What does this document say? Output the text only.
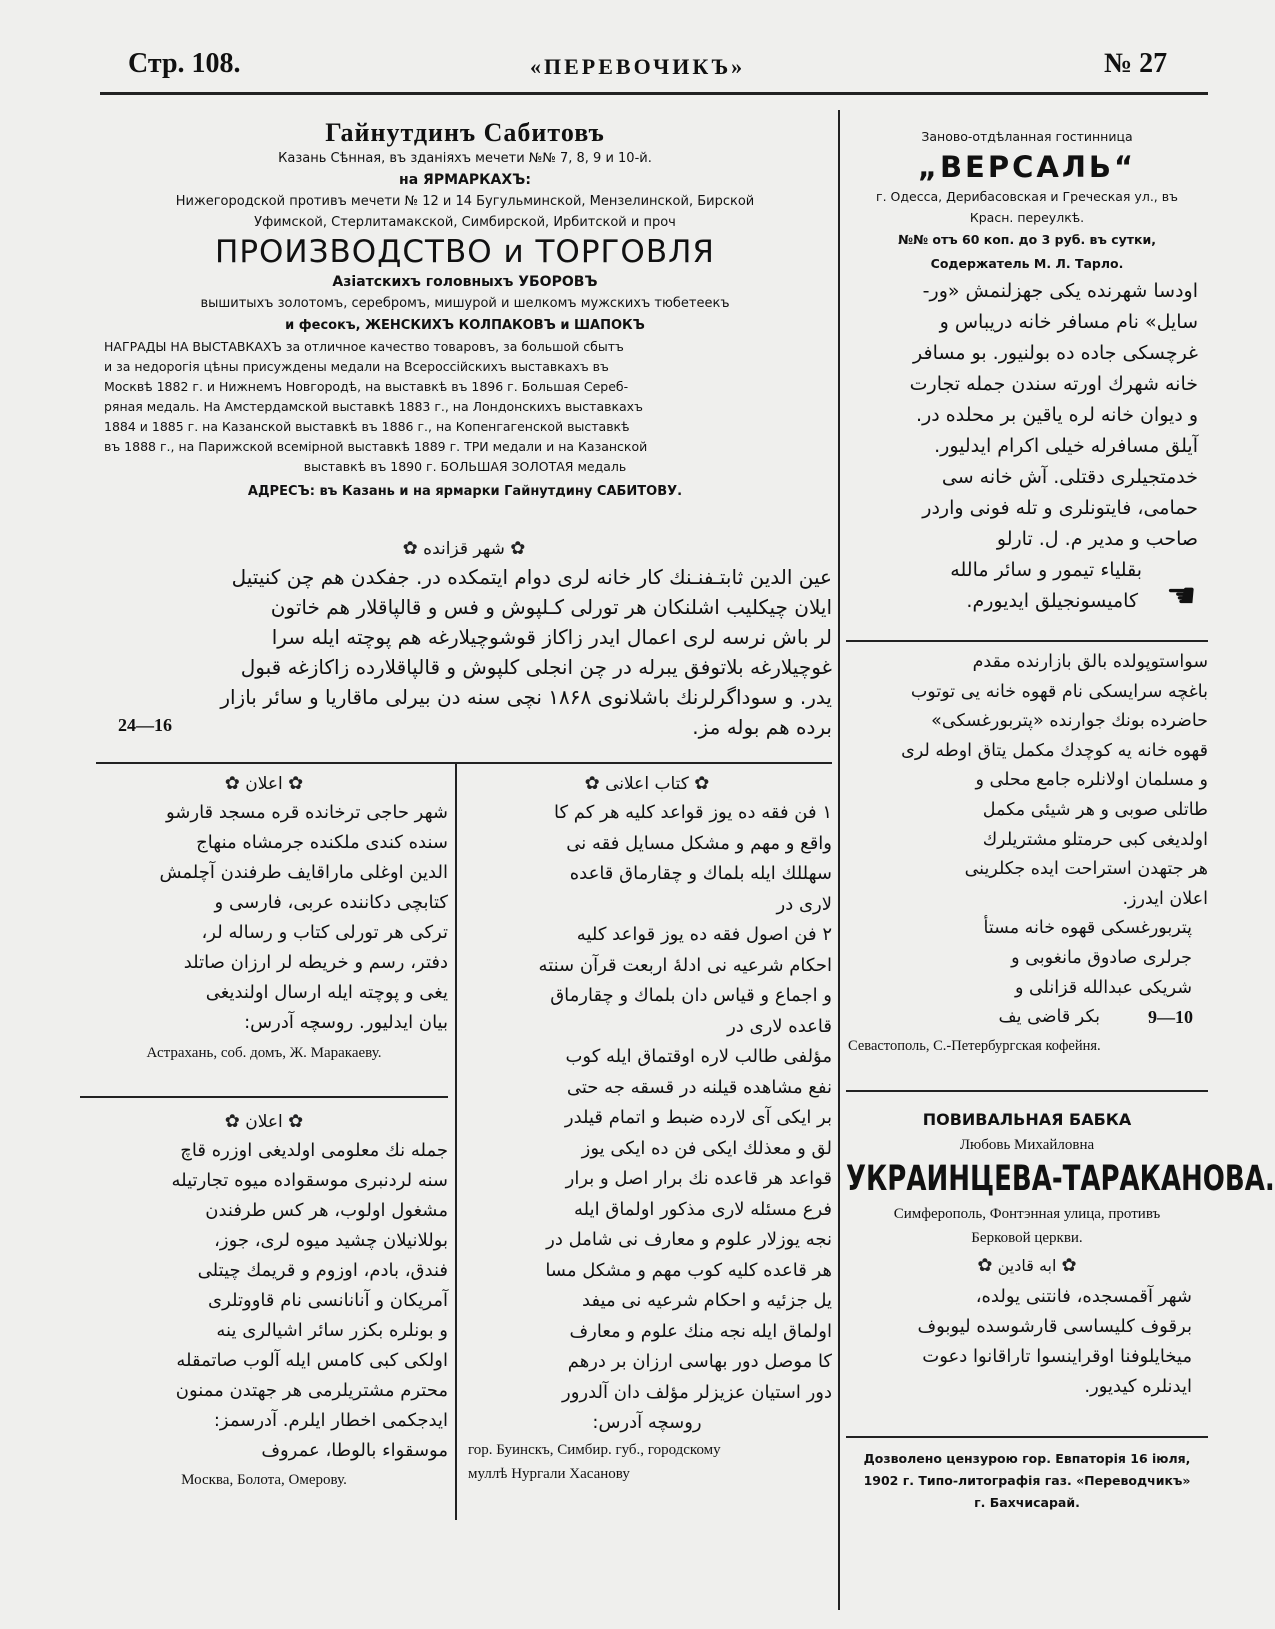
Стр. 108.	«ПЕРЕВОЧИКЪ»	№ 27
Гайнутдинъ Сабитовъ
Казань Сѣнная, въ зданіяхъ мечети №№ 7, 8, 9 и 10-й.
на ЯРМАРКАХЪ:
Нижегородской противъ мечети № 12 и 14 Бугульминской, Мензелинской, Бирской
Уфимской, Стерлитамакской, Симбирской, Ирбитской и проч
ПРОИЗВОДСТВО и ТОРГОВЛЯ
Азіатскихъ головныхъ УБОРОВЪ
вышитыхъ золотомъ, серебромъ, мишурой и шелкомъ мужскихъ тюбетеекъ
и фесокъ, ЖЕНСКИХЪ КОЛПАКОВЪ и ШАПОКЪ
НАГРАДЫ НА ВЫСТАВКАХЪ за отличное качество товаровъ, за большой сбытъ
и за недорогія цѣны присуждены медали на Всероссійскихъ выставкахъ въ
Москвѣ 1882 г. и Нижнемъ Новгородѣ, на выставкѣ въ 1896 г. Большая Сереб-
ряная медаль. На Амстердамской выставкѣ 1883 г., на Лондонскихъ выставкахъ
1884 и 1885 г. на Казанской выставкѣ въ 1886 г., на Копенгагенской выставкѣ
въ 1888 г., на Парижской всемірной выставкѣ 1889 г. ТРИ медали и на Казанской
выставкѣ въ 1890 г. БОЛЬШАЯ ЗОЛОТАЯ медаль
АДРЕСЪ: въ Казань и на ярмарки Гайнутдину САБИТОВУ.
✿ شهر قزانده ✿
عين الدين ثابتـفنـنك كار خانه لرى دوام ايتمكده در. جفكدن هم چن كنيتيل
ايلان چيكليب اشلنكان هر تورلى كـلپوش و فس و قالپاقلار هم خاتون
لر باش نرسه لرى اعمال ايدر زاكاز قوشوچيلارغه هم پوچته ايله سرا
غوچيلارغه بلاتوفق يبرله در چن انجلى كلپوش و قالپاقلارده زاكازغه قبول
يدر. و سوداگرلرنك باشلانوى ۱۸۶۸ نچى سنه دن بيرلى ماقاريا و سائر بازار
24—16	برده هم بوله مز.
✿ اعلان ✿
شهر حاجى ترخانده قره مسجد قارشو
سنده كندى ملكنده جرمشاه منهاج
الدين اوغلى ماراقايف طرفندن آچلمش
كتابچى دكاننده عربى، فارسى و
تركى هر تورلى كتاب و رساله لر،
دفتر، رسم و خريطه لر ارزان صاتلد
يغى و پوچته ايله ارسال اولنديغى
بيان ايدليور. روسچه آدرس:
Астрахань, соб. домъ, Ж. Маракаеву.
✿ اعلان ✿
جمله نك معلومى اولديغى اوزره قاچ
سنه لردنبرى موسقواده ميوه تجارتيله
مشغول اولوب، هر كس طرفندن
بوللانيلان چشيد ميوه لرى، جوز،
فندق، بادم، اوزوم و قريمك چيتلى
آمريكان و آنانانسى نام قاووتلرى
و بونلره بكزر سائر اشيالرى ينه
اولكى كبى كامس ايله آلوب صاتمقله
محترم مشتريلرمى هر جهتدن ممنون
ايدجكمى اخطار ايلرم. آدرسمز:
موسقواء بالوطا، عمروف
Москва, Болота, Омерову.
✿ كتاب اعلانى ✿
۱ فن فقه ده يوز قواعد كليه هر كم كا
واقع و مهم و مشكل مسايل فقه نى
سهللك ايله بلماك و چقارماق قاعده
لارى در
۲ فن اصول فقه ده يوز قواعد كليه
احكام شرعيه نى ادلهٔ اربعت قرآن سنته
و اجماع و قياس دان بلماك و چقارماق
قاعده لارى در
مؤلفى طالب لاره اوقتماق ايله كوب
نفع مشاهده قيلنه در قسقه جه حتى
بر ايكى آى لارده ضبط و اتمام قيلدر
لق و معذلك ايكى فن ده ايكى يوز
قواعد هر قاعده نك برار اصل و برار
فرع مسئله لارى مذكور اولماق ايله
نجه يوزلار علوم و معارف نى شامل در
هر قاعده كليه كوب مهم و مشكل مسا
يل جزئيه و احكام شرعيه نى ميفد
اولماق ايله نجه منك علوم و معارف
كا موصل دور بهاسى ارزان بر درهم
دور استيان عزيزلر مؤلف دان آلدرور
روسچه آدرس:
гор. Буинскъ, Симбир. губ., городскому
муллѣ Нургали Хасанову
Заново-отдѣланная гостинница
„ВЕРСАЛЬ“
г. Одесса, Дерибасовская и Греческая ул., въ
Красн. переулкѣ.
№№ отъ 60 коп. до 3 руб. въ сутки,
Содержатель М. Л. Тарло.
اودسا شهرنده يكى جهزلنمش «ور-
سايل» نام مسافر خانه دريباس و
غرچسكى جاده ده بولنيور. بو مسافر
خانه شهرك اورته سندن جمله تجارت
و ديوان خانه لره ياقين بر محلده در.
آيلق مسافرله خيلى اكرام ايدليور.
خدمتجيلرى دقتلى. آش خانه سى
حمامى، فايتونلرى و تله فونى واردر
صاحب و مدير م. ل. تارلو
بقلياء تيمور و سائر مالله
كاميسونجيلق ايديورم. ☚
سواستوپولده بالق بازارنده مقدم
باغچه سرايسكى نام قهوه خانه يى توتوب
حاضرده بونك جوارنده «پتربورغسكى»
قهوه خانه يه كوچدك مكمل يتاق اوطه لرى
و مسلمان اولانلره جامع محلى و
طاتلى صوبى و هر شيئى مكمل
اولديغى كبى حرمتلو مشتريلرك
هر جتهدن استراحت ايده جكلرينى
اعلان ايدرز.
پتربورغسكى قهوه خانه مستأ
جرلرى صادوق مانغوبى و
شريكى عبدالله قزانلى و
9—10
بكر قاضى يف
Севастополь, С.-Петербургская кофейня.
ПОВИВАЛЬНАЯ БАБКА
Любовь Михайловна
УКРАИНЦЕВА-ТАРАКАНОВА.
Симферополь, Фонтэнная улица, противъ
Берковой церкви.
✿ ابه قادين ✿
شهر آقمسجده، فانتنى يولده،
برقوف كليساسى قارشوسده ليوبوف
ميخايلوفنا اوقراينسوا تاراقانوا دعوت
ايدنلره كيديور.
Дозволено цензурою гор. Евпаторія 16 іюля,
1902 г. Типо-литографія газ. «Переводчикъ»
г. Бахчисарай.
